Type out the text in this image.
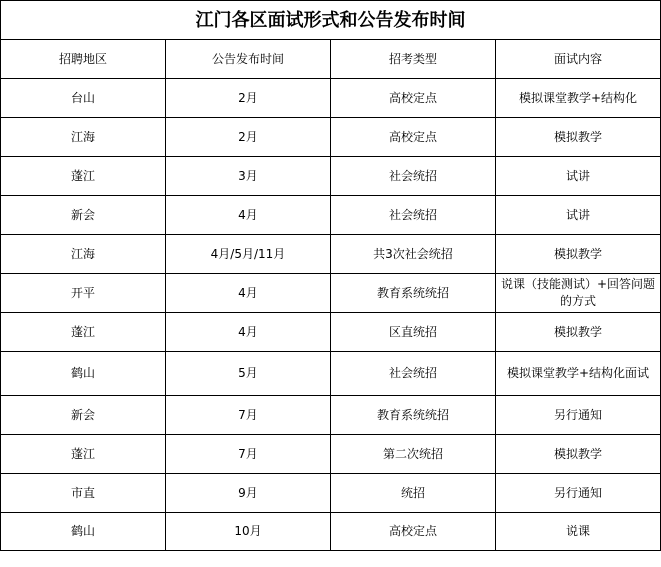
江门各区面试形式和公告发布时间			
招聘地区	公告发布时间	招考类型	面试内容
台山	2月	高校定点	模拟课堂教学+结构化
江海	2月	高校定点	模拟教学
蓬江	3月	社会统招	试讲
新会	4月	社会统招	试讲
江海	4月/5月/11月	共3次社会统招	模拟教学
开平	4月	教育系统统招	说课（技能测试）+回答问题的方式
蓬江	4月	区直统招	模拟教学
鹤山	5月	社会统招	模拟课堂教学+结构化面试
新会	7月	教育系统统招	另行通知
蓬江	7月	第二次统招	模拟教学
市直	9月	统招	另行通知
鹤山	10月	高校定点	说课
